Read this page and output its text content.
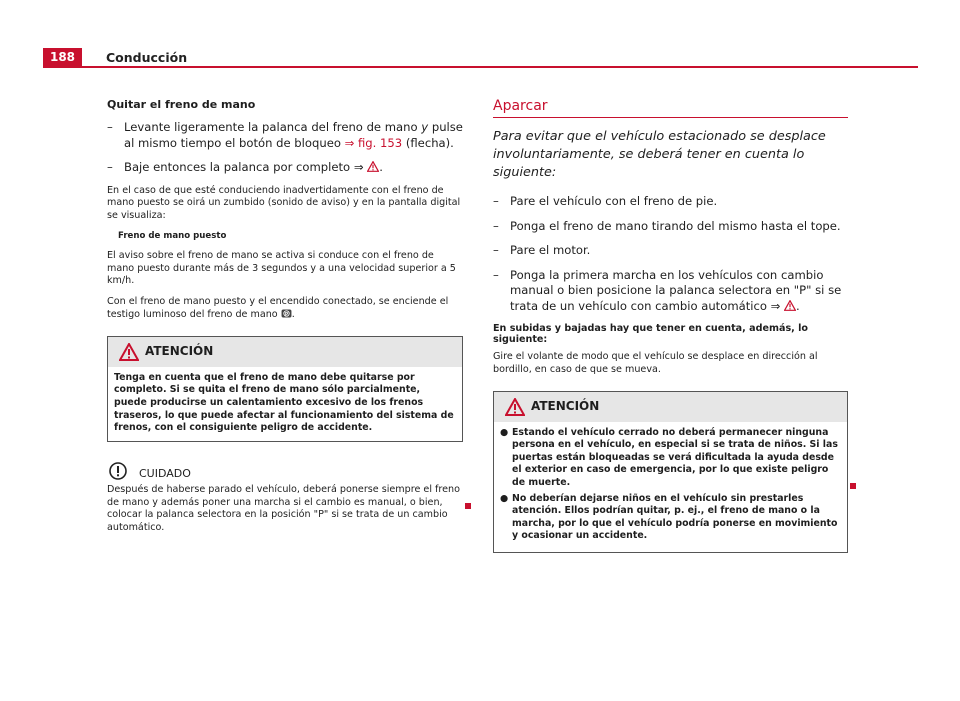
188	Conducción
Quitar el freno de mano
– Levante ligeramente la palanca del freno de mano y pulse al mismo tiempo el botón de bloqueo ⇒ fig. 153 (flecha).
– Baje entonces la palanca por completo ⇒ .
En el caso de que esté conduciendo inadvertidamente con el freno de mano puesto se oirá un zumbido (sonido de aviso) y en la pantalla digital se visualiza:
Freno de mano puesto
El aviso sobre el freno de mano se activa si conduce con el freno de mano puesto durante más de 3 segundos y a una velocidad superior a 5 km/h.
Con el freno de mano puesto y el encendido conectado, se enciende el testigo luminoso del freno de mano P .
ATENCIÓN
Tenga en cuenta que el freno de mano debe quitarse por completo. Si se quita el freno de mano sólo parcialmente, puede producirse un calentamiento excesivo de los frenos traseros, lo que puede afectar al funcionamiento del sistema de frenos, con el consiguiente peligro de accidente.
CUIDADO
Después de haberse parado el vehículo, deberá ponerse siempre el freno de mano y además poner una marcha si el cambio es manual, o bien, colocar la palanca selectora en la posición "P" si se trata de un cambio automático.
Aparcar
Para evitar que el vehículo estacionado se desplace involuntariamente, se deberá tener en cuenta lo siguiente:
– Pare el vehículo con el freno de pie.
– Ponga el freno de mano tirando del mismo hasta el tope.
– Pare el motor.
– Ponga la primera marcha en los vehículos con cambio manual o bien posicione la palanca selectora en "P" si se trata de un vehículo con cambio automático ⇒ .
En subidas y bajadas hay que tener en cuenta, además, lo siguiente:
Gire el volante de modo que el vehículo se desplace en dirección al bordillo, en caso de que se mueva.
ATENCIÓN
● Estando el vehículo cerrado no deberá permanecer ninguna persona en el vehículo, en especial si se trata de niños. Si las puertas están bloqueadas se verá dificultada la ayuda desde el exterior en caso de emergencia, por lo que existe peligro de muerte.
● No deberían dejarse niños en el vehículo sin prestarles atención. Ellos podrían quitar, p. ej., el freno de mano o la marcha, por lo que el vehículo podría ponerse en movimiento y ocasionar un accidente.
